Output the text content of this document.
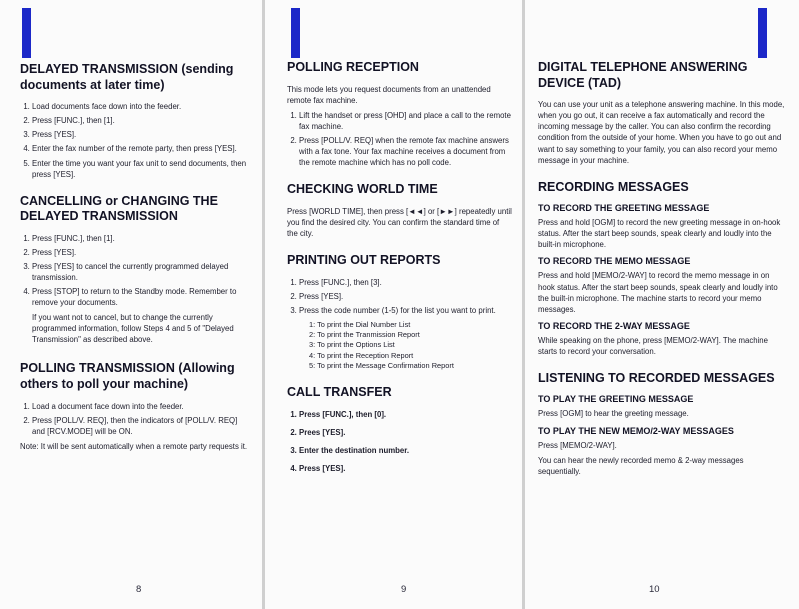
DELAYED TRANSMISSION (sending documents at later time)
1. Load documents face down into the feeder.
2. Press [FUNC.], then [1].
3. Press [YES].
4. Enter the fax number of the remote party, then press [YES].
5. Enter the time you want your fax unit to send documents, then press [YES].
CANCELLING or CHANGING THE DELAYED TRANSMISSION
1. Press [FUNC.], then [1].
2. Press [YES].
3. Press [YES] to cancel the currently programmed delayed transmission.
4. Press [STOP] to return to the Standby mode. Remember to remove your documents.

If you want not to cancel, but to change the currently programmed information, follow Steps 4 and 5 of "Delayed Transmission" as described above.

POLLING TRANSMISSION (Allowing others to poll your machine)
1. Load a document face down into the feeder.
2. Press [POLL/V. REQ], then the indicators of [POLL/V. REQ] and [RCV.MODE] will be ON.

Note: It will be sent automatically when a remote party requests it.

8
POLLING RECEPTION

This mode lets you request documents from an unattended remote fax machine.

1. Lift the handset or press [OHD] and place a call to the remote fax machine.
2. Press [POLL/V. REQ] when the remote fax machine answers with a fax tone. Your fax machine receives a document from the remote machine which has no poll code.
CHECKING WORLD TIME

Press [WORLD TIME], then press [◄◄] or [►►] repeatedly until you find the desired city. You can confirm the standard time of the city.

PRINTING OUT REPORTS
1. Press [FUNC.], then [3].
2. Press [YES].
3. Press the code number (1-5) for the list you want to print.
1: To print the Dial Number List
2: To print the Tranmission Report
3: To print the Options List
4: To print the Reception Report
5: To print the Message Confirmation Report
CALL TRANSFER
1. Press [FUNC.], then [0].
2. Prees [YES].
3. Enter the destination number.
4. Press [YES].
9
DIGITAL TELEPHONE ANSWERING DEVICE (TAD)

You can use your unit as a telephone answering machine. In this mode, when you go out, it can receive a fax automatically and record the incoming message by the caller. You can also confirm the recording condition from the outside of your home. When you have to go out and want to say something to your family, you can also record your memo message in your machine.

RECORDING MESSAGES
TO RECORD THE GREETING MESSAGE

Press and hold [OGM] to record the new greeting message in on-hook status. After the start beep sounds, speak clearly and loudly into the built-in microphone.

TO RECORD THE MEMO MESSAGE

Press and hold [MEMO/2-WAY] to record the memo message in on hook status. After the start beep sounds, speak clearly and loudly into the built-in microphone. The machine starts to record your memo messages.

TO RECORD THE 2-WAY MESSAGE

While speaking on the phone, press [MEMO/2-WAY]. The machine starts to record your conversation.

LISTENING TO RECORDED MESSAGES
TO PLAY THE GREETING MESSAGE

Press [OGM] to hear the greeting message.

TO PLAY THE NEW MEMO/2-WAY MESSAGES

Press [MEMO/2-WAY].

You can hear the newly recorded memo & 2-way messages sequentially.

10
